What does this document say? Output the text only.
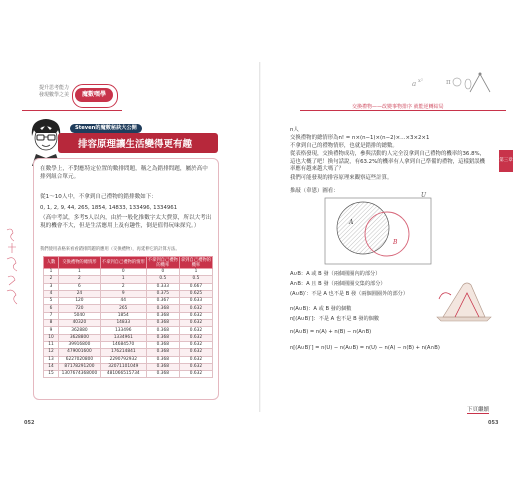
提升思考能力
發現數學之美	魔數嘿學
交換禮物——改變事物排序 就能逆轉結局
a x²	π
Steven的魔數秘訣大公開
排容原理讓生活變得更有趣
在數學上，不對應特定位置的數排問題，稱之為錯排問題，屬於高中排列組合單元。
從1～10人中，不拿到自己禮物的錯排數如下：
0, 1, 2, 9, 44, 265, 1854, 14833, 133496, 1334961
（高中考試，多考5人以內，由於一般化推數字太大費算，所以大考出現的機會不大，但是生活應用上及有趣性，倒是值得玩味探究。）
我們使用表格來看看錯排問題的應用（交換禮物），再延伸它的計算方法。
人數	交換禮物的總情形	不拿到自己禮物的情形	不拿到自己禮物的機率	拿到自己禮物的機率
1	1	0	0	1
2	2	1	0.5	0.5
3	6	2	0.333	0.667
4	24	9	0.375	0.625
5	120	44	0.367	0.633
6	720	265	0.368	0.632
7	5040	1854	0.368	0.632
8	40320	14833	0.368	0.632
9	362880	133496	0.368	0.632
10	3628800	1334961	0.368	0.632
11	39916800	14684570	0.368	0.632
12	479001600	176214841	0.368	0.632
13	6227020800	2290792932	0.368	0.632
14	87178291200	32071101049	0.368	0.632
15	1307674368000	481066515734	0.368	0.632
052
第三章
n人
交換禮物的總情形為n! = n×(n−1)×(n−2)×…×3×2×1
不拿到自己的禮物情形，也就是錯排的總數。
從表格發現，交換禮物成功，參與活動的人完全沒拿到自己禮物的機率約36.8%，這也大概了吧！換句話說，有63.2%的機率有人拿到自己準備的禮物，這樣錯誤機率應有越來越大嗎了？
我們可能發現的排容原理來觀察這些計算。
推敲（韋恩）圖看：
U
A
B
A∪B：A 或 B 發（兩個圓圈內的部分）
A∩B：A 且 B 發（兩個圓圈交集的部分）
(A∪B)′：不是 A 也不是 B 發（兩個圓圈外的部分）
n(A∪B)：A 或 B 發的個數
n[(A∪B)′]：不是 A 也不是 B 發的個數
n(A∪B) = n(A) + n(B) − n(A∩B)
n[(A∪B)′] = n(U) − n(A∪B) = n(U) − n(A) − n(B) + n(A∩B)
下頁繼續
053
